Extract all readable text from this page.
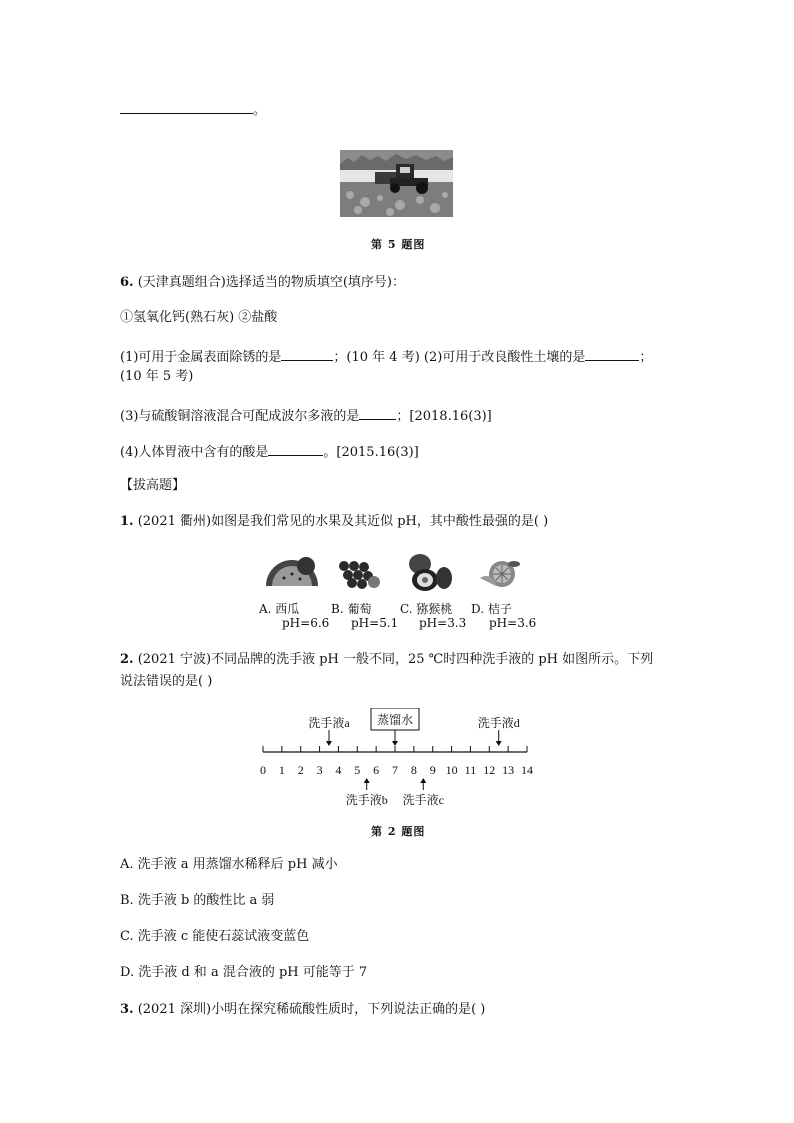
。
第 5 题图
6. (天津真题组合)选择适当的物质填空(填序号)：
①氢氧化钙(熟石灰) ②盐酸
(1)可用于金属表面除锈的是	；(10 年 4 考) (2)可用于改良酸性土壤的是	；
(10 年 5 考)
(3)与硫酸铜溶液混合可配成波尔多液的是	；[2018.16(3)]
(4)人体胃液中含有的酸是	。[2015.16(3)]
【拔高题】
1. (2021 衢州)如图是我们常见的水果及其近似 pH，其中酸性最强的是( )
A. 西瓜	B. 葡萄 C. 猕猴桃 D. 桔子
pH=6.6 pH=5.1 pH=3.3 pH=3.6
2. (2021 宁波)不同品牌的洗手液 pH 一般不同，25 ℃时四种洗手液的 pH 如图所示。下列
说法错误的是( )
0 1 2 3 4 5 6 7 8 9 10 11 12 13 14
洗手液a 蒸馏水	洗手液d
洗手液b 洗手液c
第 2 题图
A. 洗手液 a 用蒸馏水稀释后 pH 减小
B. 洗手液 b 的酸性比 a 弱
C. 洗手液 c 能使石蕊试液变蓝色
D. 洗手液 d 和 a 混合液的 pH 可能等于 7
3. (2021 深圳)小明在探究稀硫酸性质时，下列说法正确的是( )
